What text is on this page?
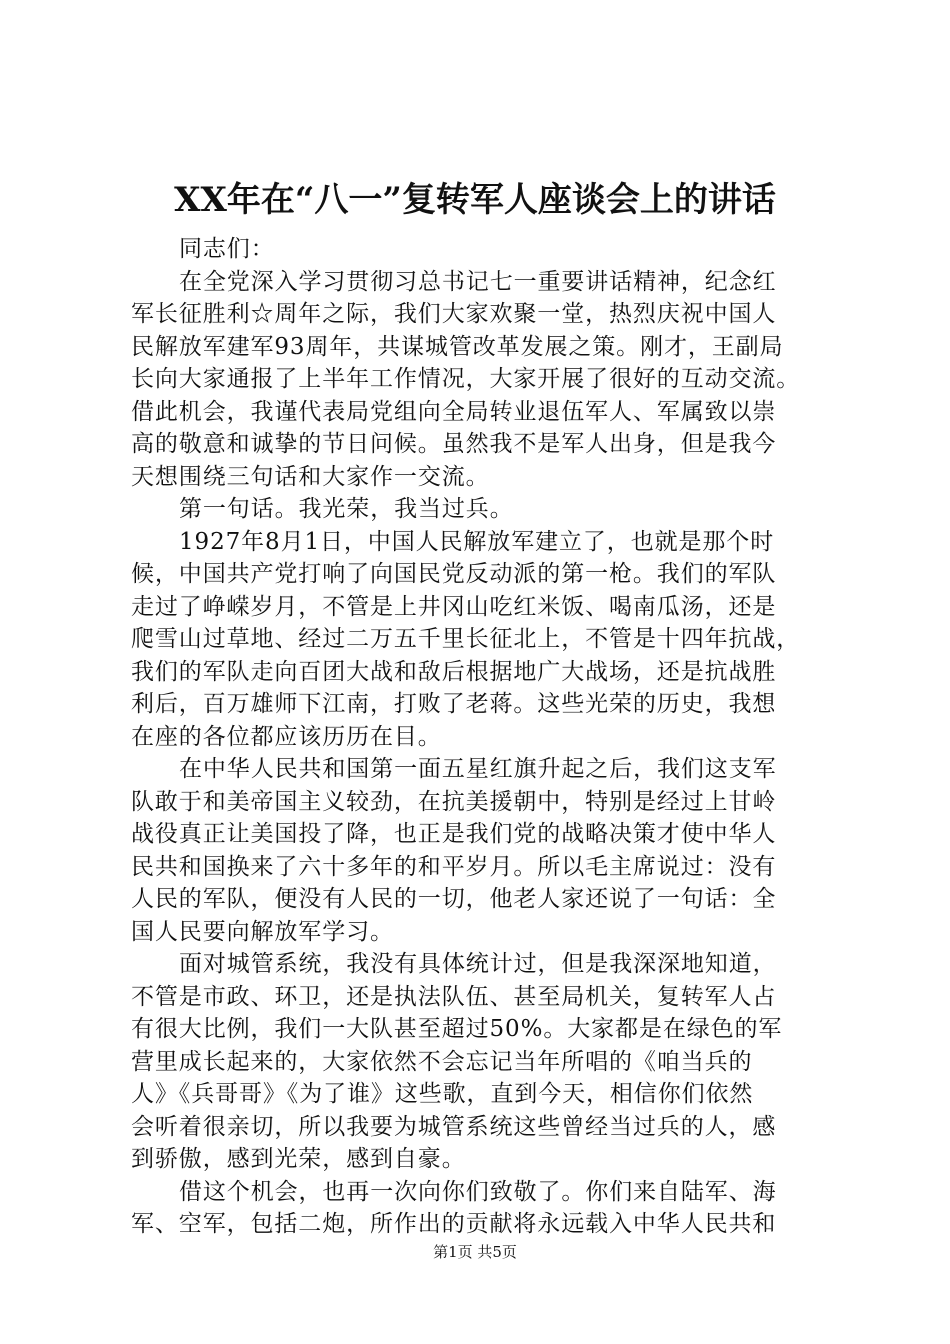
XX年在“八一”复转军人座谈会上的讲话
同志们：
在全党深入学习贯彻习总书记七一重要讲话精神，纪念红
军长征胜利☆周年之际，我们大家欢聚一堂，热烈庆祝中国人
民解放军建军93周年，共谋城管改革发展之策。刚才，王副局
长向大家通报了上半年工作情况，大家开展了很好的互动交流。
借此机会，我谨代表局党组向全局转业退伍军人、军属致以崇
高的敬意和诚挚的节日问候。虽然我不是军人出身，但是我今
天想围绕三句话和大家作一交流。
第一句话。我光荣，我当过兵。
1927年8月1日，中国人民解放军建立了，也就是那个时
候，中国共产党打响了向国民党反动派的第一枪。我们的军队
走过了峥嵘岁月，不管是上井冈山吃红米饭、喝南瓜汤，还是
爬雪山过草地、经过二万五千里长征北上，不管是十四年抗战，
我们的军队走向百团大战和敌后根据地广大战场，还是抗战胜
利后，百万雄师下江南，打败了老蒋。这些光荣的历史，我想
在座的各位都应该历历在目。
在中华人民共和国第一面五星红旗升起之后，我们这支军
队敢于和美帝国主义较劲，在抗美援朝中，特别是经过上甘岭
战役真正让美国投了降，也正是我们党的战略决策才使中华人
民共和国换来了六十多年的和平岁月。所以毛主席说过：没有
人民的军队，便没有人民的一切，他老人家还说了一句话：全
国人民要向解放军学习。
面对城管系统，我没有具体统计过，但是我深深地知道，
不管是市政、环卫，还是执法队伍、甚至局机关，复转军人占
有很大比例，我们一大队甚至超过50%。大家都是在绿色的军
营里成长起来的，大家依然不会忘记当年所唱的《咱当兵的
人》《兵哥哥》《为了谁》这些歌，直到今天，相信你们依然
会听着很亲切，所以我要为城管系统这些曾经当过兵的人，感
到骄傲，感到光荣，感到自豪。
借这个机会，也再一次向你们致敬了。你们来自陆军、海
军、空军，包括二炮，所作出的贡献将永远载入中华人民共和
第1页 共5页
